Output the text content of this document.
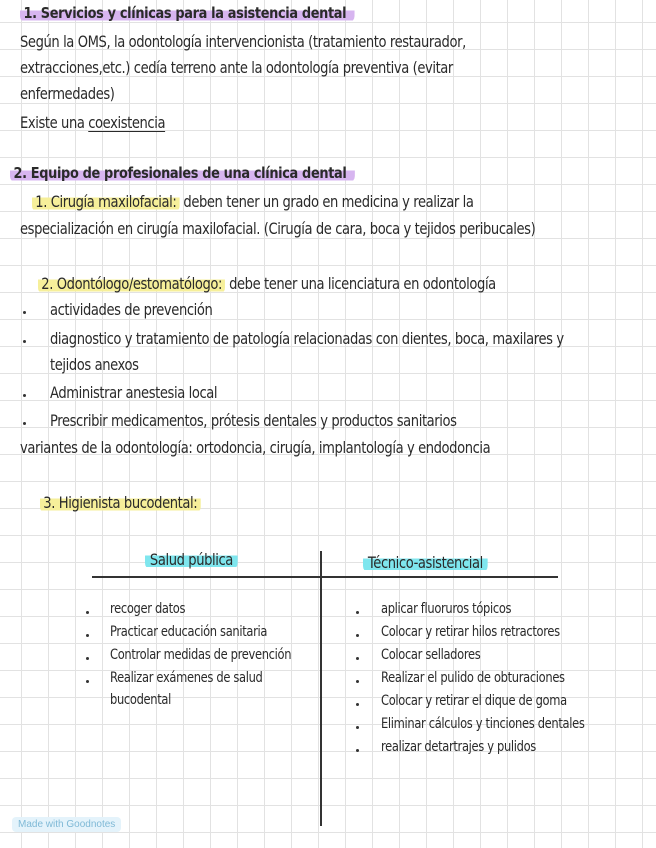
1. Servicios y clínicas para la asistencia dental
Según la OMS, la odontología intervencionista (tratamiento restaurador,
extracciones,etc.) cedía terreno ante la odontología preventiva (evitar
enfermedades)
Existe una coexistencia
2. Equipo de profesionales de una clínica dental
1. Cirugía maxilofacial: deben tener un grado en medicina y realizar la
especialización en cirugía maxilofacial. (Cirugía de cara, boca y tejidos peribucales)
2. Odontólogo/estomatólogo: debe tener una licenciatura en odontología
actividades de prevención
diagnostico y tratamiento de patología relacionadas con dientes, boca, maxilares y
tejidos anexos
Administrar anestesia local
Prescribir medicamentos, prótesis dentales y productos sanitarios
variantes de la odontología: ortodoncia, cirugía, implantología y endodoncia
3. Higienista bucodental:
Salud pública	Técnico-asistencial
recoger datos
Practicar educación sanitaria
Controlar medidas de prevención
Realizar exámenes de salud
bucodental
aplicar fluoruros tópicos
Colocar y retirar hilos retractores
Colocar selladores
Realizar el pulido de obturaciones
Colocar y retirar el dique de goma
Eliminar cálculos y tinciones dentales
realizar detartrajes y pulidos
Made with Goodnotes
